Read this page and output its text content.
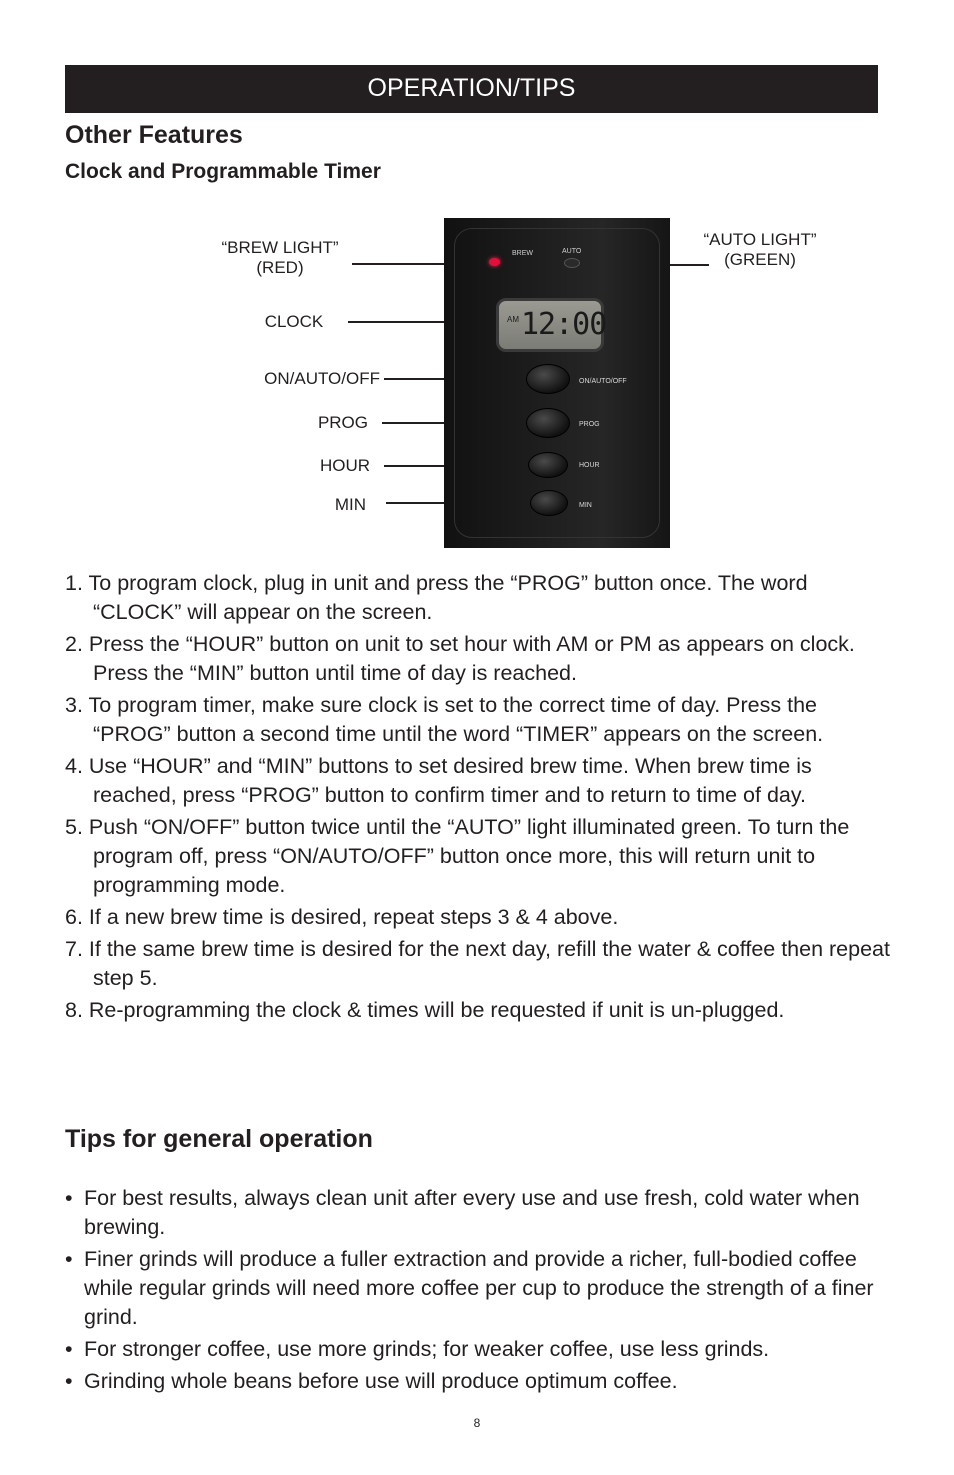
OPERATION/TIPS
Other Features
Clock and Programmable Timer
“BREW LIGHT”
(RED)
“AUTO LIGHT”
(GREEN)
CLOCK
ON/AUTO/OFF
PROG
HOUR
MIN
BREW	AUTO
AM 12:00
ON/AUTO/OFF
PROG
HOUR
MIN
1. To program clock, plug in unit and press the “PROG” button once. The word “CLOCK” will appear on the screen.
2. Press the “HOUR” button on unit to set hour with AM or PM as appears on clock. Press the “MIN” button until time of day is reached.
3. To program timer, make sure clock is set to the correct time of day. Press the “PROG” button a second time until the word “TIMER” appears on the screen.
4. Use “HOUR” and “MIN” buttons to set desired brew time. When brew time is reached, press “PROG” button to confirm timer and to return to time of day.
5. Push “ON/OFF” button twice until the “AUTO” light illuminated green. To turn the program off, press “ON/AUTO/OFF” button once more, this will return unit to programming mode.
6. If a new brew time is desired, repeat steps 3 & 4 above.
7. If the same brew time is desired for the next day, refill the water & coffee then repeat step 5.
8. Re-programming the clock & times will be requested if unit is un-plugged.
Tips for general operation
• For best results, always clean unit after every use and use fresh, cold water when brewing.
• Finer grinds will produce a fuller extraction and provide a richer, full-bodied coffee while regular grinds will need more coffee per cup to produce the strength of a finer grind.
• For stronger coffee, use more grinds; for weaker coffee, use less grinds.
• Grinding whole beans before use will produce optimum coffee.
8
